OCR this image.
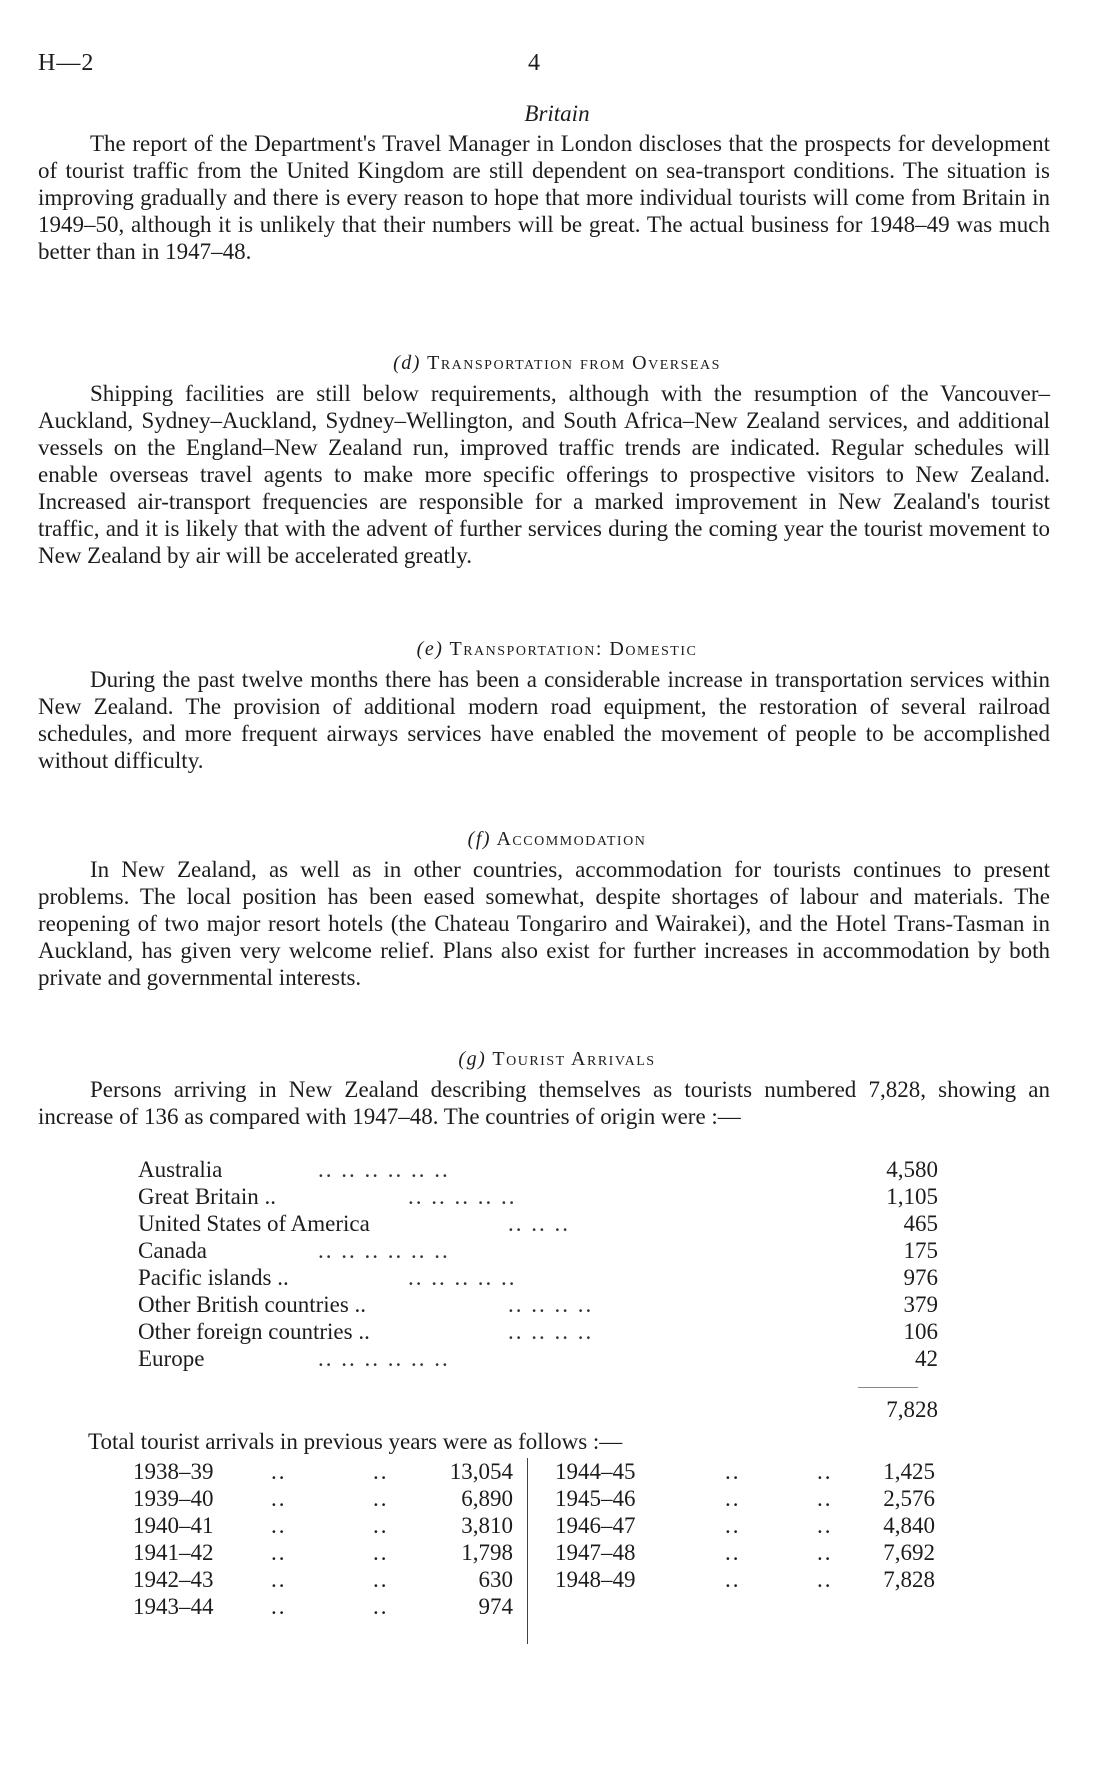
H—2	4
Britain

The report of the Department's Travel Manager in London discloses that the prospects for development of tourist traffic from the United Kingdom are still dependent on sea-transport conditions. The situation is improving gradually and there is every reason to hope that more individual tourists will come from Britain in 1949–50, although it is unlikely that their numbers will be great. The actual business for 1948–49 was much better than in 1947–48.

(d) Transportation from Overseas

Shipping facilities are still below requirements, although with the resumption of the Vancouver–Auckland, Sydney–Auckland, Sydney–Wellington, and South Africa–New Zealand services, and additional vessels on the England–New Zealand run, improved traffic trends are indicated. Regular schedules will enable overseas travel agents to make more specific offerings to prospective visitors to New Zealand. Increased air-transport frequencies are responsible for a marked improvement in New Zealand's tourist traffic, and it is likely that with the advent of further services during the coming year the tourist movement to New Zealand by air will be accelerated greatly.

(e) Transportation: Domestic

During the past twelve months there has been a considerable increase in transportation services within New Zealand. The provision of additional modern road equipment, the restoration of several railroad schedules, and more frequent airways services have enabled the movement of people to be accomplished without difficulty.

(f) Accommodation

In New Zealand, as well as in other countries, accommodation for tourists continues to present problems. The local position has been eased somewhat, despite shortages of labour and materials. The reopening of two major resort hotels (the Chateau Tongariro and Wairakei), and the Hotel Trans-Tasman in Auckland, has given very welcome relief. Plans also exist for further increases in accommodation by both private and governmental interests.

(g) Tourist Arrivals

Persons arriving in New Zealand describing themselves as tourists numbered 7,828, showing an increase of 136 as compared with 1947–48. The countries of origin were :—

Australia	.. .. .. .. .. ..	4,580
Great Britain ..	.. .. .. .. ..	1,105
United States of America	.. .. ..	465
Canada	.. .. .. .. .. ..	175
Pacific islands ..	.. .. .. .. ..	976
Other British countries ..	.. .. .. ..	379
Other foreign countries ..	.. .. .. ..	106
Europe	.. .. .. .. .. ..	42
7,828
Total tourist arrivals in previous years were as follows :—
1938–39	..	..	13,054
1939–40	..	..	6,890
1940–41	..	..	3,810
1941–42	..	..	1,798
1942–43	..	..	630
1943–44	..	..	974
1944–45	..	.. 1,425
1945–46	..	.. 2,576
1946–47	..	.. 4,840
1947–48	..	.. 7,692
1948–49	..	.. 7,828
